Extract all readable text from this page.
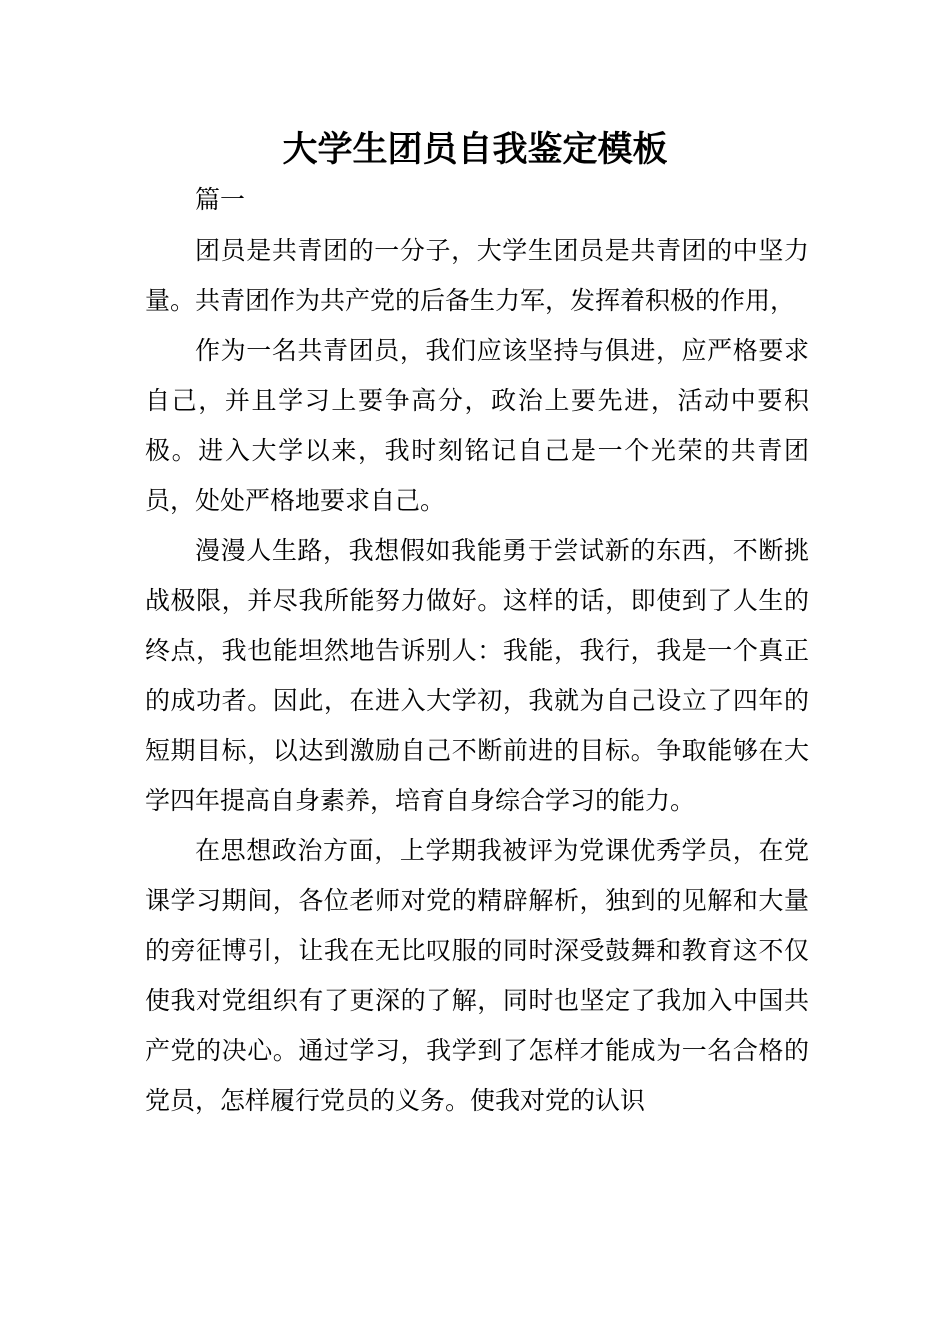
大学生团员自我鉴定模板

篇一

团员是共青团的一分子，大学生团员是共青团的中坚力量。共青团作为共产党的后备生力军，发挥着积极的作用，

作为一名共青团员，我们应该坚持与俱进，应严格要求自己，并且学习上要争高分，政治上要先进，活动中要积极。进入大学以来，我时刻铭记自己是一个光荣的共青团员，处处严格地要求自己。

漫漫人生路，我想假如我能勇于尝试新的东西，不断挑战极限，并尽我所能努力做好。这样的话，即使到了人生的终点，我也能坦然地告诉别人：我能，我行，我是一个真正的成功者。因此，在进入大学初，我就为自己设立了四年的短期目标，以达到激励自己不断前进的目标。争取能够在大学四年提高自身素养，培育自身综合学习的能力。

在思想政治方面，上学期我被评为党课优秀学员，在党课学习期间，各位老师对党的精辟解析，独到的见解和大量的旁征博引，让我在无比叹服的同时深受鼓舞和教育这不仅使我对党组织有了更深的了解，同时也坚定了我加入中国共产党的决心。通过学习，我学到了怎样才能成为一名合格的党员，怎样履行党员的义务。使我对党的认识
